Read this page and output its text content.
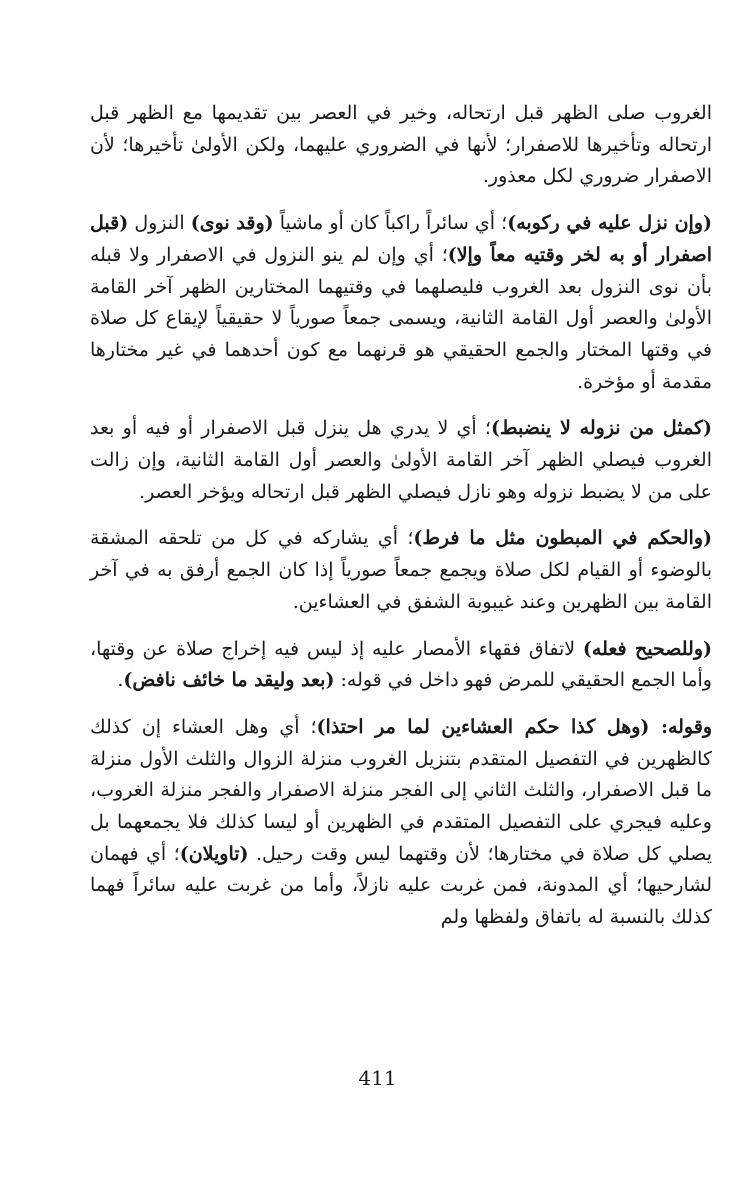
الغروب صلى الظهر قبل ارتحاله، وخير في العصر بين تقديمها مع الظهر قبل ارتحاله وتأخيرها للاصفرار؛ لأنها في الضروري عليهما، ولكن الأولىٰ تأخيرها؛ لأن الاصفرار ضروري لكل معذور.

(وإن نزل عليه في ركوبه)؛ أي سائراً راكباً كان أو ماشياً (وقد نوى) النزول (قبل اصفرار أو به لخر وقتيه معاً وإلا)؛ أي وإن لم ينو النزول في الاصفرار ولا قبله بأن نوى النزول بعد الغروب فليصلهما في وقتيهما المختارين الظهر آخر القامة الأولىٰ والعصر أول القامة الثانية، ويسمى جمعاً صورياً لا حقيقياً لإيقاع كل صلاة في وقتها المختار والجمع الحقيقي هو قرنهما مع كون أحدهما في غير مختارها مقدمة أو مؤخرة.

(كمثل من نزوله لا ينضبط)؛ أي لا يدري هل ينزل قبل الاصفرار أو فيه أو بعد الغروب فيصلي الظهر آخر القامة الأولىٰ والعصر أول القامة الثانية، وإن زالت على من لا يضبط نزوله وهو نازل فيصلي الظهر قبل ارتحاله ويؤخر العصر.

(والحكم في المبطون مثل ما فرط)؛ أي يشاركه في كل من تلحقه المشقة بالوضوء أو القيام لكل صلاة ويجمع جمعاً صورياً إذا كان الجمع أرفق به في آخر القامة بين الظهرين وعند غيبوبة الشفق في العشاءين.

(وللصحيح فعله) لاتفاق فقهاء الأمصار عليه إذ ليس فيه إخراج صلاة عن وقتها، وأما الجمع الحقيقي للمرض فهو داخل في قوله: (بعد وليقد ما خائف نافض).

وقوله: (وهل كذا حكم العشاءين لما مر احتذا)؛ أي وهل العشاء إن كذلك كالظهرين في التفصيل المتقدم بتنزيل الغروب منزلة الزوال والثلث الأول منزلة ما قبل الاصفرار، والثلث الثاني إلى الفجر منزلة الاصفرار والفجر منزلة الغروب، وعليه فيجري على التفصيل المتقدم في الظهرين أو ليسا كذلك فلا يجمعهما بل يصلي كل صلاة في مختارها؛ لأن وقتهما ليس وقت رحيل. (تاويلان)؛ أي فهمان لشارحيها؛ أي المدونة، فمن غربت عليه نازلاً، وأما من غربت عليه سائراً فهما كذلك بالنسبة له باتفاق ولفظها ولم

411
